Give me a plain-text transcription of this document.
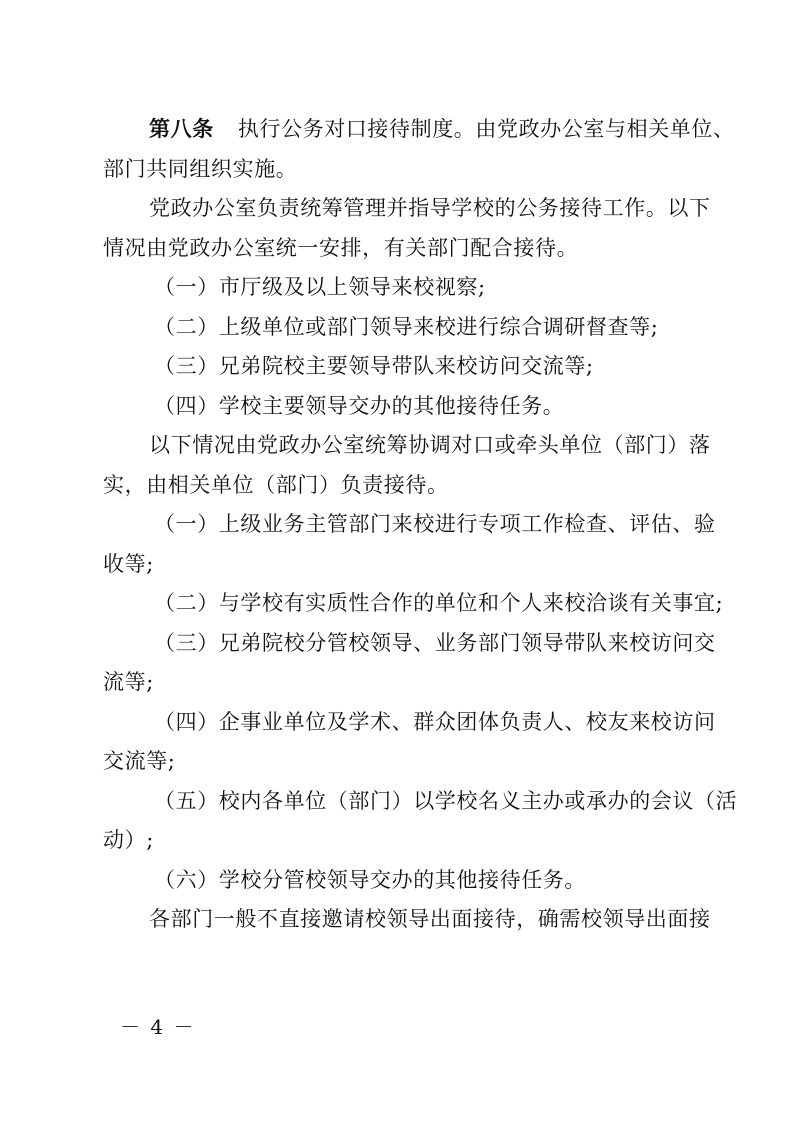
第八条 执行公务对口接待制度。由党政办公室与相关单位、

部门共同组织实施。

党政办公室负责统筹管理并指导学校的公务接待工作。以下

情况由党政办公室统一安排，有关部门配合接待。

（一）市厅级及以上领导来校视察;

（二）上级单位或部门领导来校进行综合调研督查等;

（三）兄弟院校主要领导带队来校访问交流等;

（四）学校主要领导交办的其他接待任务。

以下情况由党政办公室统筹协调对口或牵头单位（部门）落

实，由相关单位（部门）负责接待。

（一）上级业务主管部门来校进行专项工作检查、评估、验

收等;

（二）与学校有实质性合作的单位和个人来校洽谈有关事宜;

（三）兄弟院校分管校领导、业务部门领导带队来校访问交

流等;

（四）企事业单位及学术、群众团体负责人、校友来校访问

交流等;

（五）校内各单位（部门）以学校名义主办或承办的会议（活

动）;

（六）学校分管校领导交办的其他接待任务。

各部门一般不直接邀请校领导出面接待，确需校领导出面接

－ 4 －
